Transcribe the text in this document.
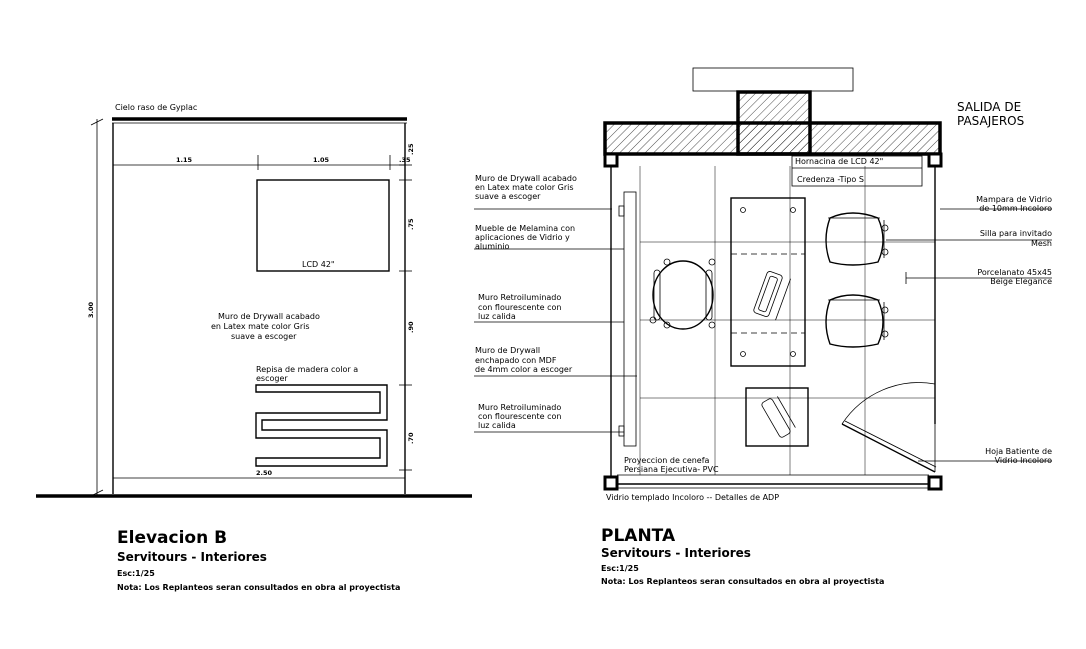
Cielo raso de Gyplac
1.15	1.05	.35
.25
.75
.90
.70
3.00
2.50
LCD 42"
Muro de Drywall acabado
en Latex mate color Gris
suave a escoger
Repisa de madera color a
escoger
Elevacion B
Servitours - Interiores
Esc:1/25
Nota: Los Replanteos seran consultados en obra al proyectista
SALIDA DE
PASAJEROS
Hornacina de LCD 42"
Credenza -Tipo S
Muro de Drywall acabado
en Latex mate color Gris
suave a escoger
Mueble de Melamina con
aplicaciones de Vidrio y
aluminio
Muro Retroiluminado
con flourescente con
luz calida
Muro de Drywall
enchapado con MDF
de 4mm color a escoger
Muro Retroiluminado
con flourescente con
luz calida
Mampara de Vidrio
de 10mm Incoloro
Silla para invitado
Mesh
Porcelanato 45x45
Beige Elegance
Hoja Batiente de
Vidrio Incoloro
Proyeccion de cenefa
Persiana Ejecutiva- PVC
Vidrio templado Incoloro -- Detalles de ADP
PLANTA
Servitours - Interiores
Esc:1/25
Nota: Los Replanteos seran consultados en obra al proyectista
